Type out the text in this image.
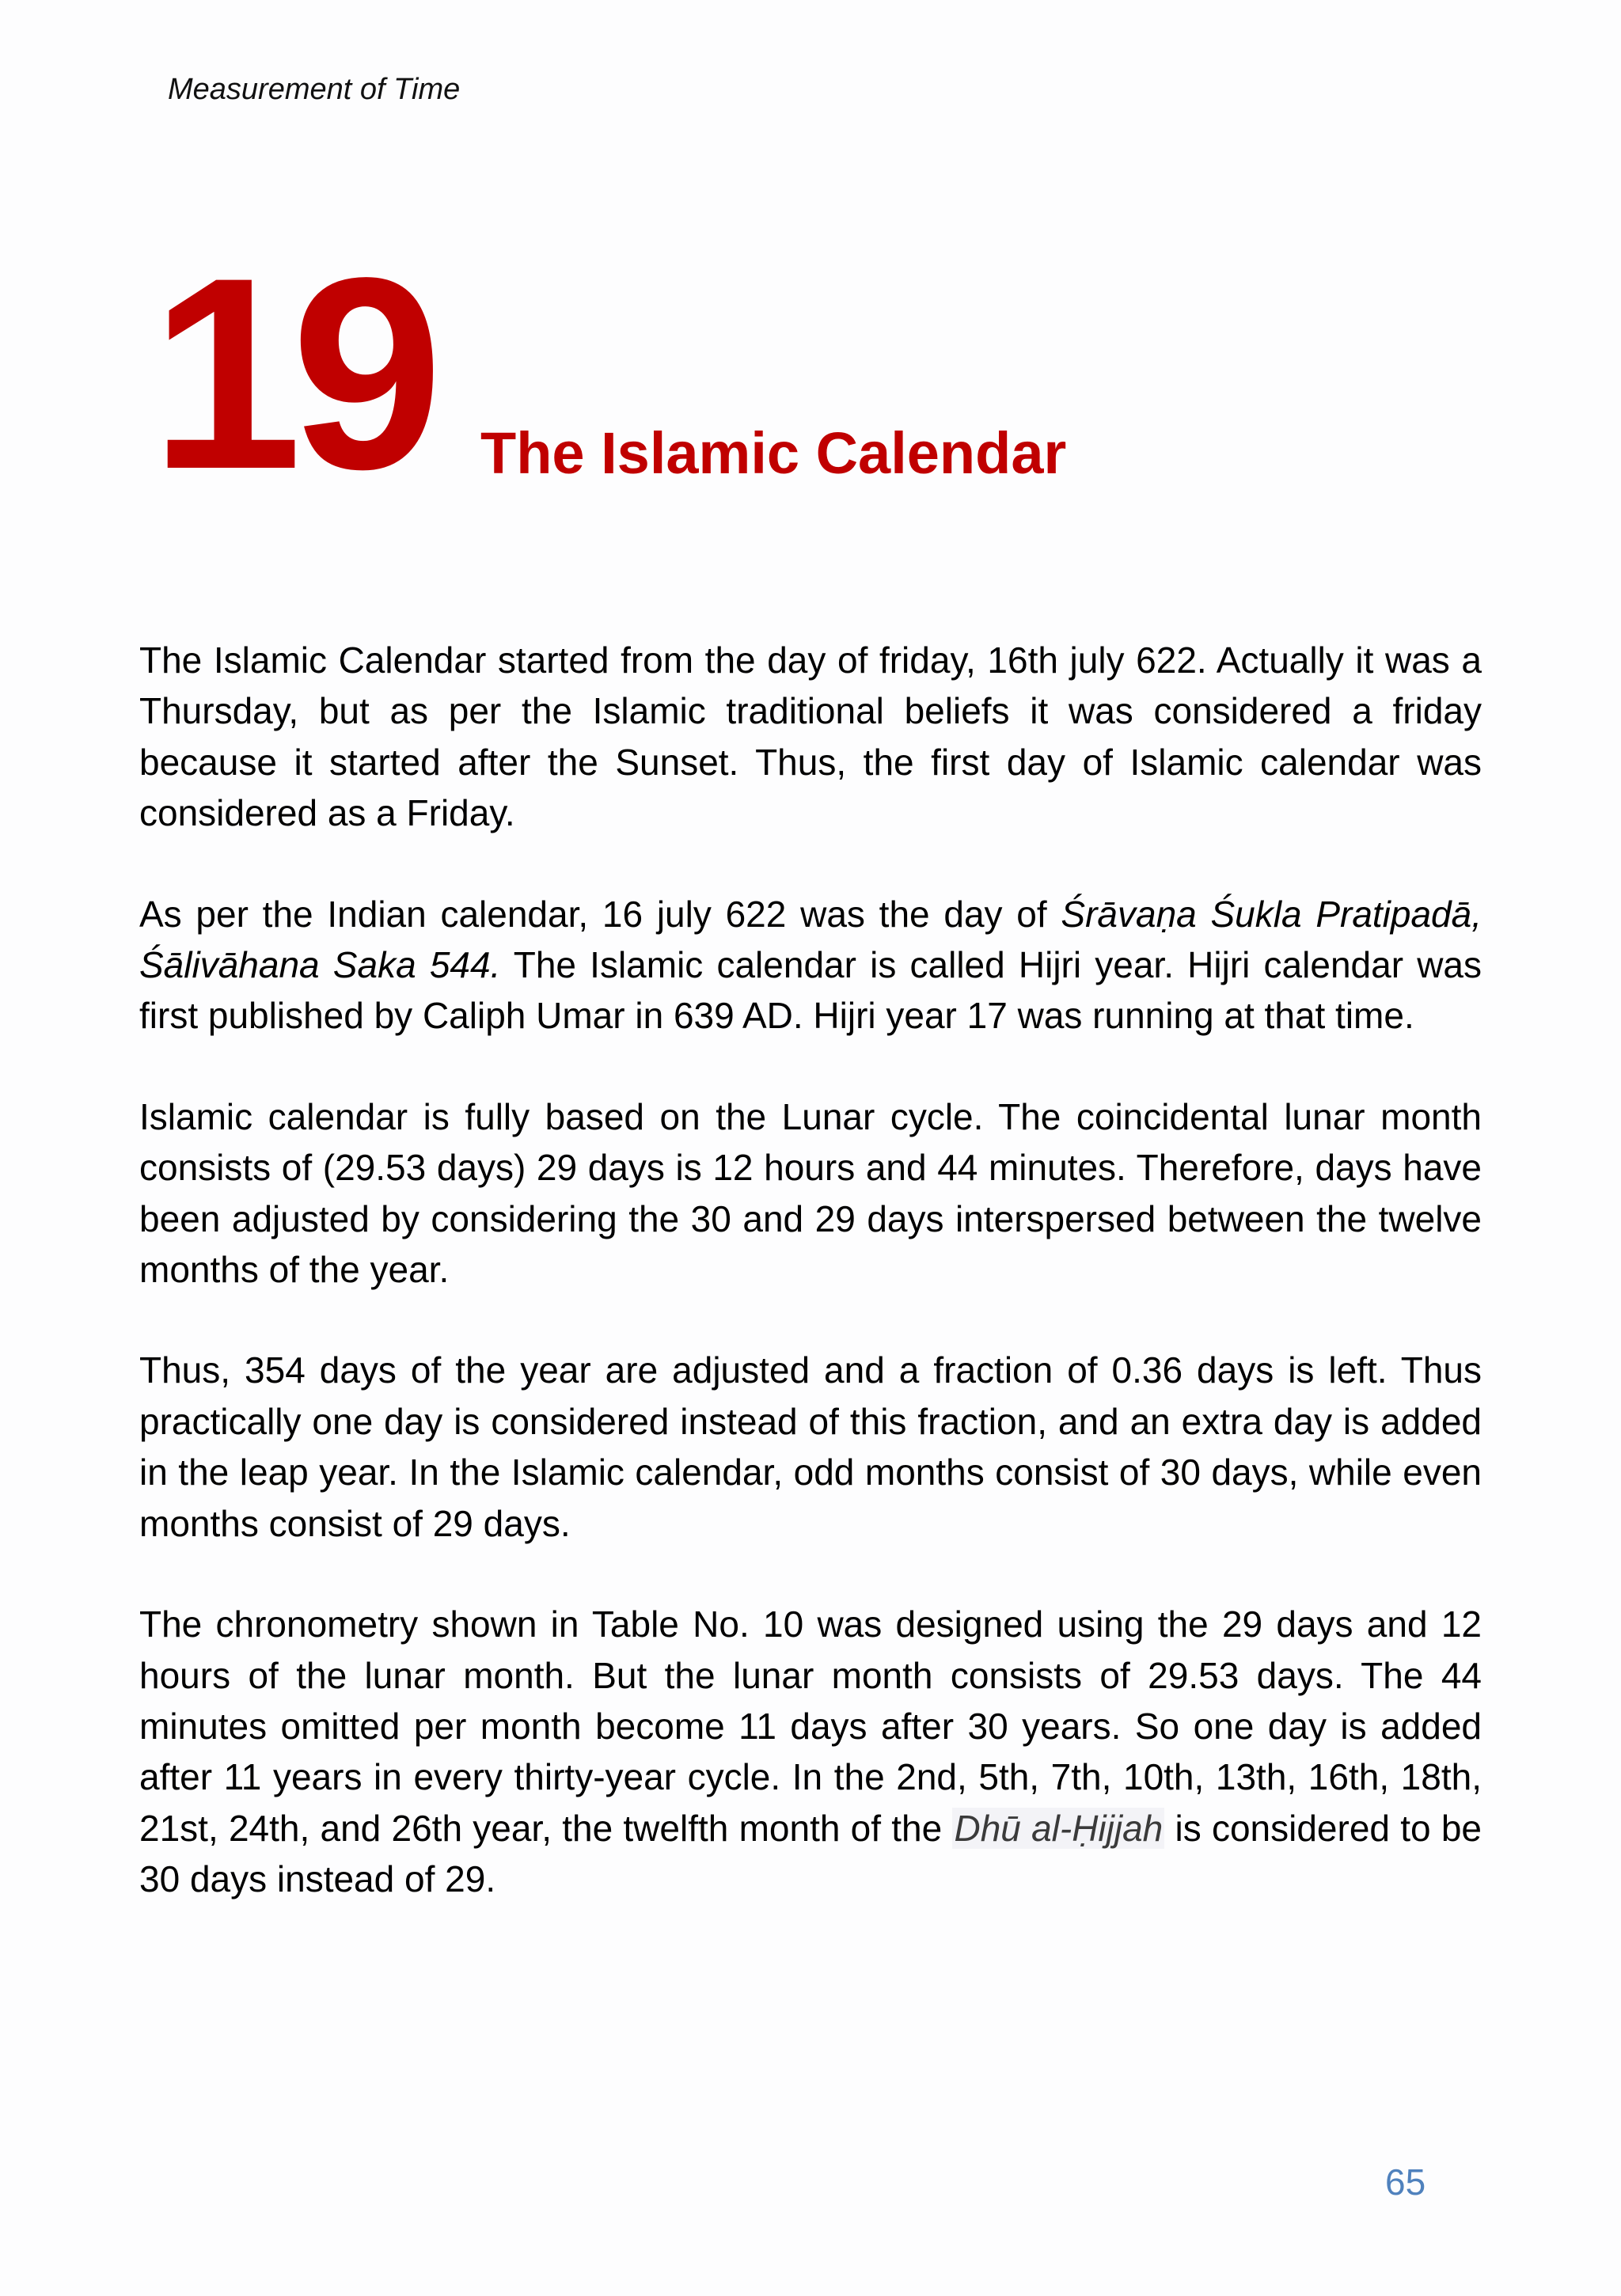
Measurement of Time
19 The Islamic Calendar

The Islamic Calendar started from the day of friday, 16th july 622. Actually it was a Thursday, but as per the Islamic traditional beliefs it was considered a friday because it started after the Sunset. Thus, the first day of Islamic calendar was considered as a Friday.

As per the Indian calendar, 16 july 622 was the day of Śrāvaṇa Śukla Pratipadā, Śālivāhana Saka 544. The Islamic calendar is called Hijri year. Hijri calendar was first published by Caliph Umar in 639 AD. Hijri year 17 was running at that time.

Islamic calendar is fully based on the Lunar cycle. The coincidental lunar month consists of (29.53 days) 29 days is 12 hours and 44 minutes. Therefore, days have been adjusted by considering the 30 and 29 days interspersed between the twelve months of the year.

Thus, 354 days of the year are adjusted and a fraction of 0.36 days is left. Thus practically one day is considered instead of this fraction, and an extra day is added in the leap year. In the Islamic calendar, odd months consist of 30 days, while even months consist of 29 days.

The chronometry shown in Table No. 10 was designed using the 29 days and 12 hours of the lunar month. But the lunar month consists of 29.53 days. The 44 minutes omitted per month become 11 days after 30 years. So one day is added after 11 years in every thirty-year cycle. In the 2nd, 5th, 7th, 10th, 13th, 16th, 18th, 21st, 24th, and 26th year, the twelfth month of the Dhū al-Ḥijjah is considered to be 30 days instead of 29.

65
